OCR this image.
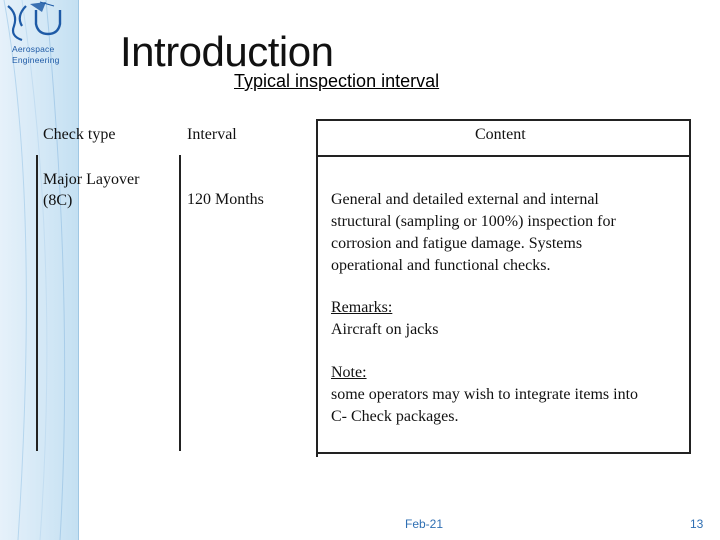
Aerospace
Engineering Introduction
Typical inspection interval
Check type	Interval	Content
Major Layover
(8C)	120 Months	General and detailed external and internal
structural (sampling or 100%) inspection for
corrosion and fatigue damage. Systems
operational and functional checks.
Remarks:
Aircraft on jacks
Note:
some operators may wish to integrate items into
C- Check packages.
Feb-21	13
